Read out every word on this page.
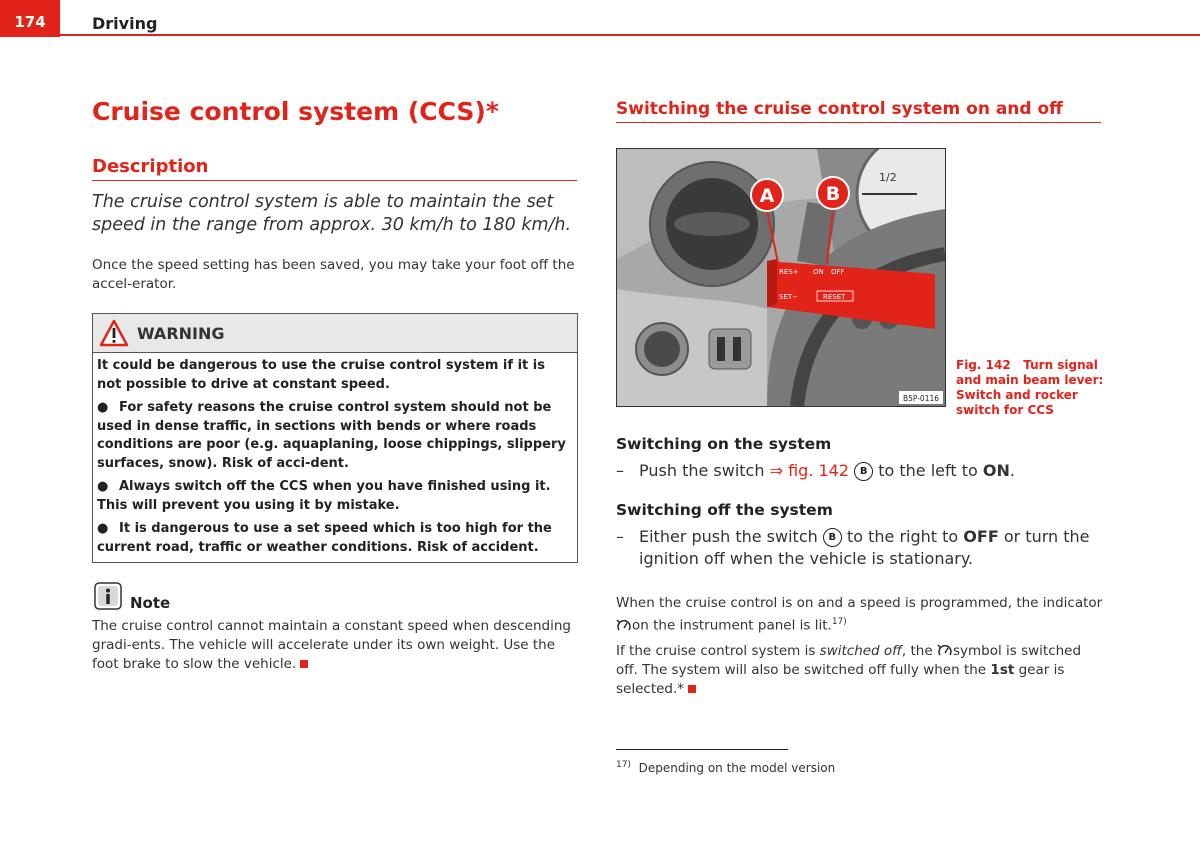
174	Driving
Cruise control system (CCS)*
Description
The cruise control system is able to maintain the set speed in the range from approx. 30 km/h to 180 km/h.
Once the speed setting has been saved, you may take your foot off the accel-erator.
WARNING

It could be dangerous to use the cruise control system if it is not possible to drive at constant speed.

● For safety reasons the cruise control system should not be used in dense traffic, in sections with bends or where roads conditions are poor (e.g. aquaplaning, loose chippings, slippery surfaces, snow). Risk of acci-dent.

● Always switch off the CCS when you have finished using it. This will prevent you using it by mistake.

● It is dangerous to use a set speed which is too high for the current road, traffic or weather conditions. Risk of accident.

Note
The cruise control cannot maintain a constant speed when descending gradi-ents. The vehicle will accelerate under its own weight. Use the foot brake to slow the vehicle.
Switching the cruise control system on and off
1/2
RES+ ON OFF
SET−	RESET
A	B
B5P-0116
Fig. 142 Turn signal and main beam lever: Switch and rocker switch for CCS
Switching on the system
– Push the switch ⇒ fig. 142 B to the left to ON.
Switching off the system
– Either push the switch B to the right to OFF or turn the ignition off when the vehicle is stationary.
When the cruise control is on and a speed is programmed, the indicator on the instrument panel is lit.$^{17)}$
If the cruise control system is switched off, the symbol is switched off. The system will also be switched off fully when the 1st gear is selected.*
$^{17)}$ Depending on the model version
